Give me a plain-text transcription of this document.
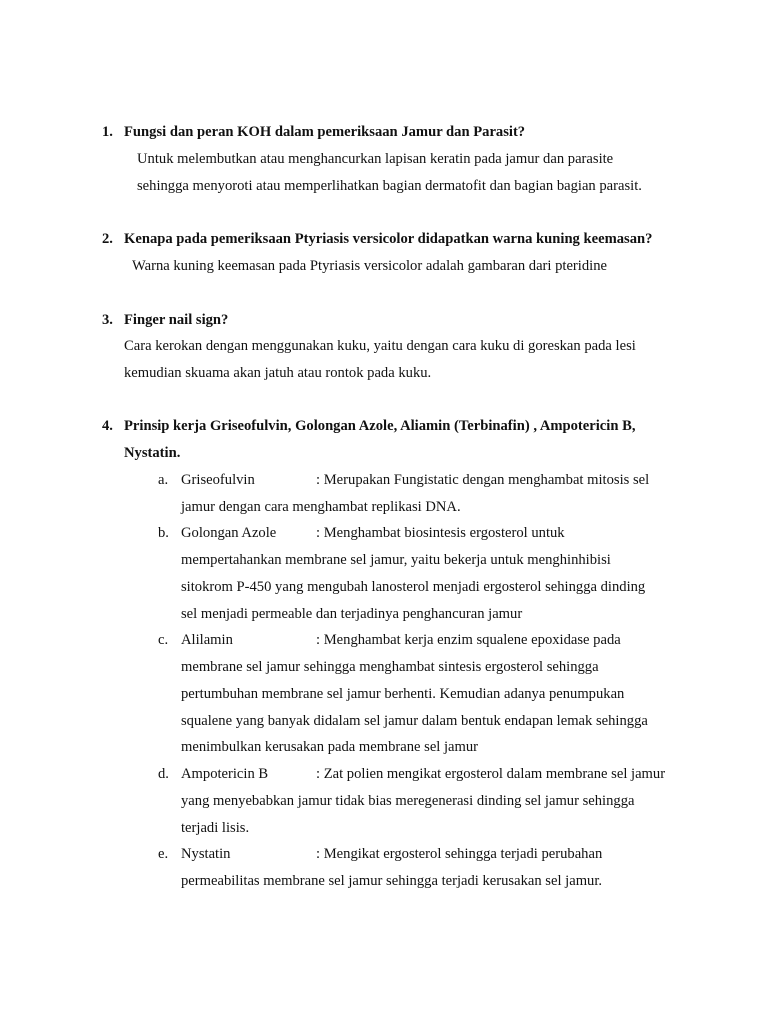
1. Fungsi dan peran KOH dalam pemeriksaan Jamur dan Parasit?
Untuk melembutkan atau menghancurkan lapisan keratin pada jamur dan parasite
sehingga menyoroti atau memperlihatkan bagian dermatofit dan bagian bagian parasit.
2. Kenapa pada pemeriksaan Ptyriasis versicolor didapatkan warna kuning keemasan?
Warna kuning keemasan pada Ptyriasis versicolor adalah gambaran dari pteridine
3. Finger nail sign?
Cara kerokan dengan menggunakan kuku, yaitu dengan cara kuku di goreskan pada lesi
kemudian skuama akan jatuh atau rontok pada kuku.
4. Prinsip kerja Griseofulvin, Golongan Azole, Aliamin (Terbinafin) , Ampotericin B,
Nystatin.
a. Griseofulvin	: Merupakan Fungistatic dengan menghambat mitosis sel
jamur dengan cara menghambat replikasi DNA.
b. Golongan Azole	: Menghambat biosintesis ergosterol untuk
mempertahankan membrane sel jamur, yaitu bekerja untuk menghinhibisi
sitokrom P-450 yang mengubah lanosterol menjadi ergosterol sehingga dinding
sel menjadi permeable dan terjadinya penghancuran jamur
c. Alilamin	: Menghambat kerja enzim squalene epoxidase pada
membrane sel jamur sehingga menghambat sintesis ergosterol sehingga
pertumbuhan membrane sel jamur berhenti. Kemudian adanya penumpukan
squalene yang banyak didalam sel jamur dalam bentuk endapan lemak sehingga
menimbulkan kerusakan pada membrane sel jamur
d. Ampotericin B	: Zat polien mengikat ergosterol dalam membrane sel jamur
yang menyebabkan jamur tidak bias meregenerasi dinding sel jamur sehingga
terjadi lisis.
e. Nystatin	: Mengikat ergosterol sehingga terjadi perubahan
permeabilitas membrane sel jamur sehingga terjadi kerusakan sel jamur.
